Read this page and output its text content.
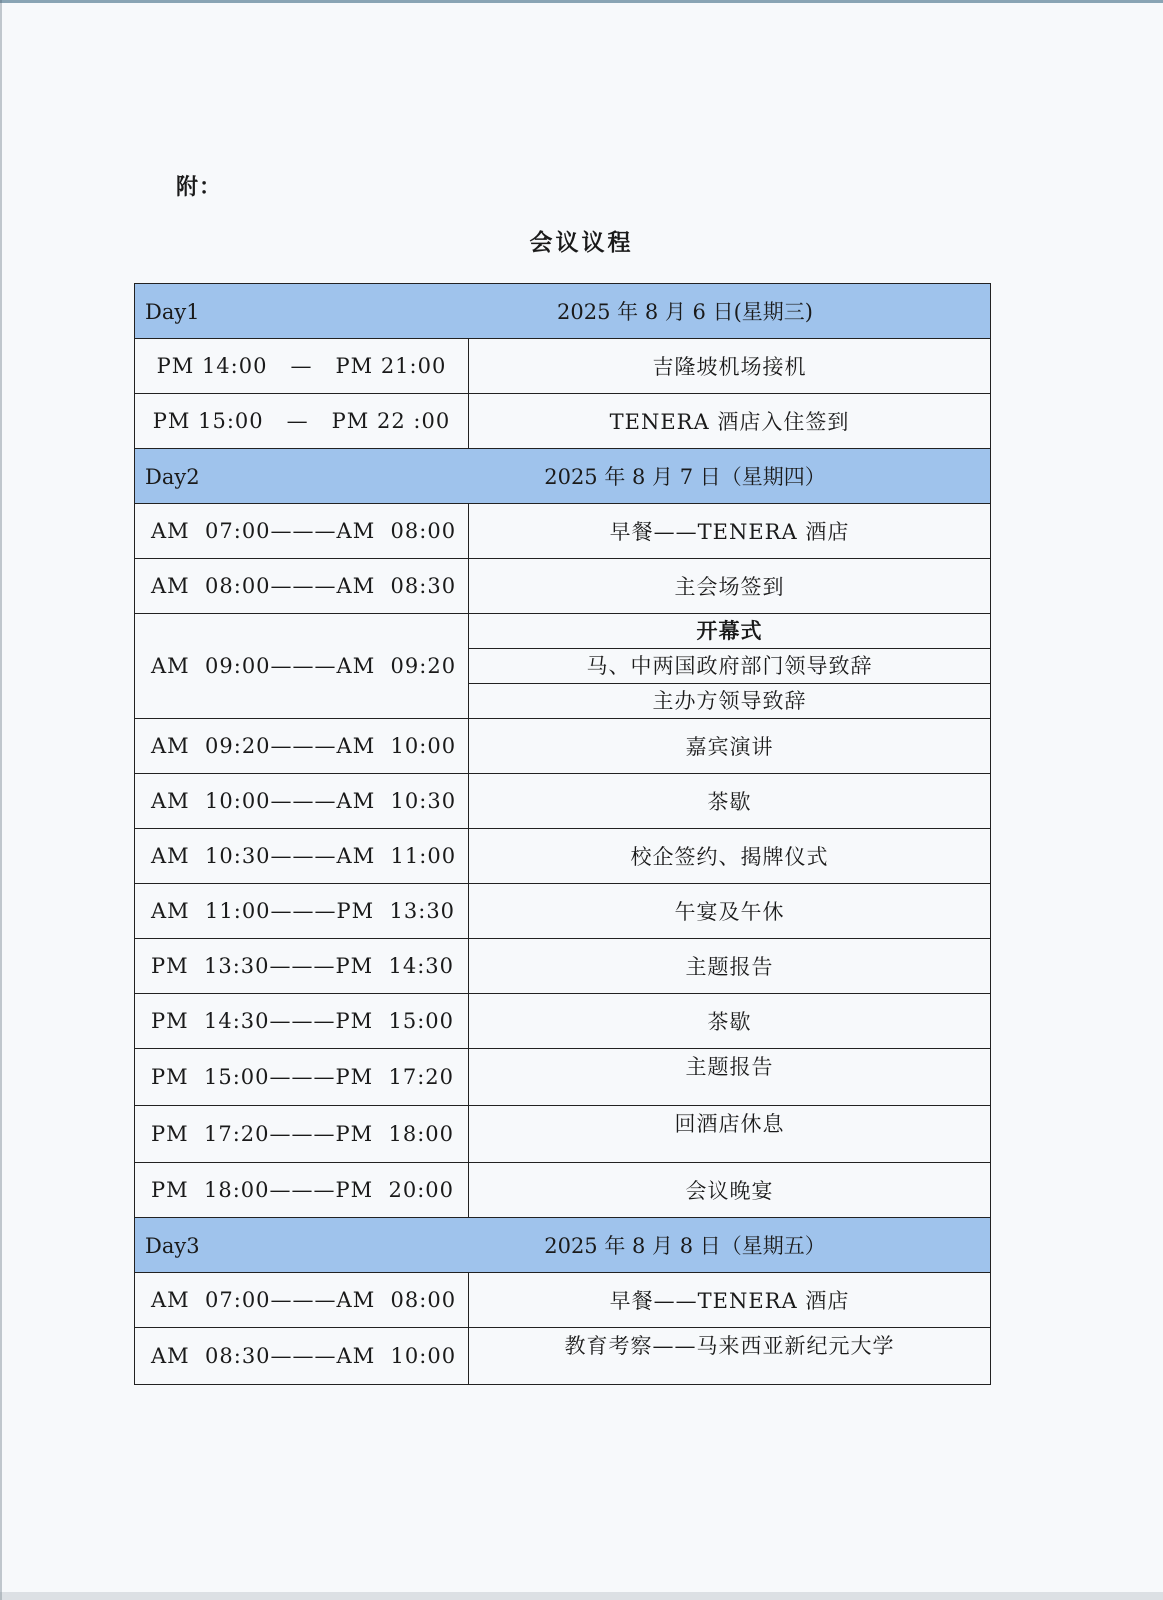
附：
会议议程
Day1 2025 年 8 月 6 日(星期三)	
PM 14:00   —   PM 21:00	吉隆坡机场接机
PM 15:00   —   PM 22 :00	TENERA 酒店入住签到
Day2 2025 年 8 月 7 日（星期四）	
AM  07:00———AM  08:00	早餐——TENERA 酒店
AM  08:00———AM  08:30	主会场签到
AM  09:00———AM  09:20	开幕式
马、中两国政府部门领导致辞
主办方领导致辞

AM  09:20———AM  10:00	嘉宾演讲
AM  10:00———AM  10:30	茶歇
AM  10:30———AM  11:00	校企签约、揭牌仪式
AM  11:00———PM  13:30	午宴及午休
PM  13:30———PM  14:30	主题报告
PM  14:30———PM  15:00	茶歇
PM  15:00———PM  17:20	主题报告
PM  17:20———PM  18:00	回酒店休息
PM  18:00———PM  20:00	会议晚宴
Day3 2025 年 8 月 8 日（星期五）	
AM  07:00———AM  08:00	早餐——TENERA 酒店
AM  08:30———AM  10:00	教育考察——马来西亚新纪元大学
